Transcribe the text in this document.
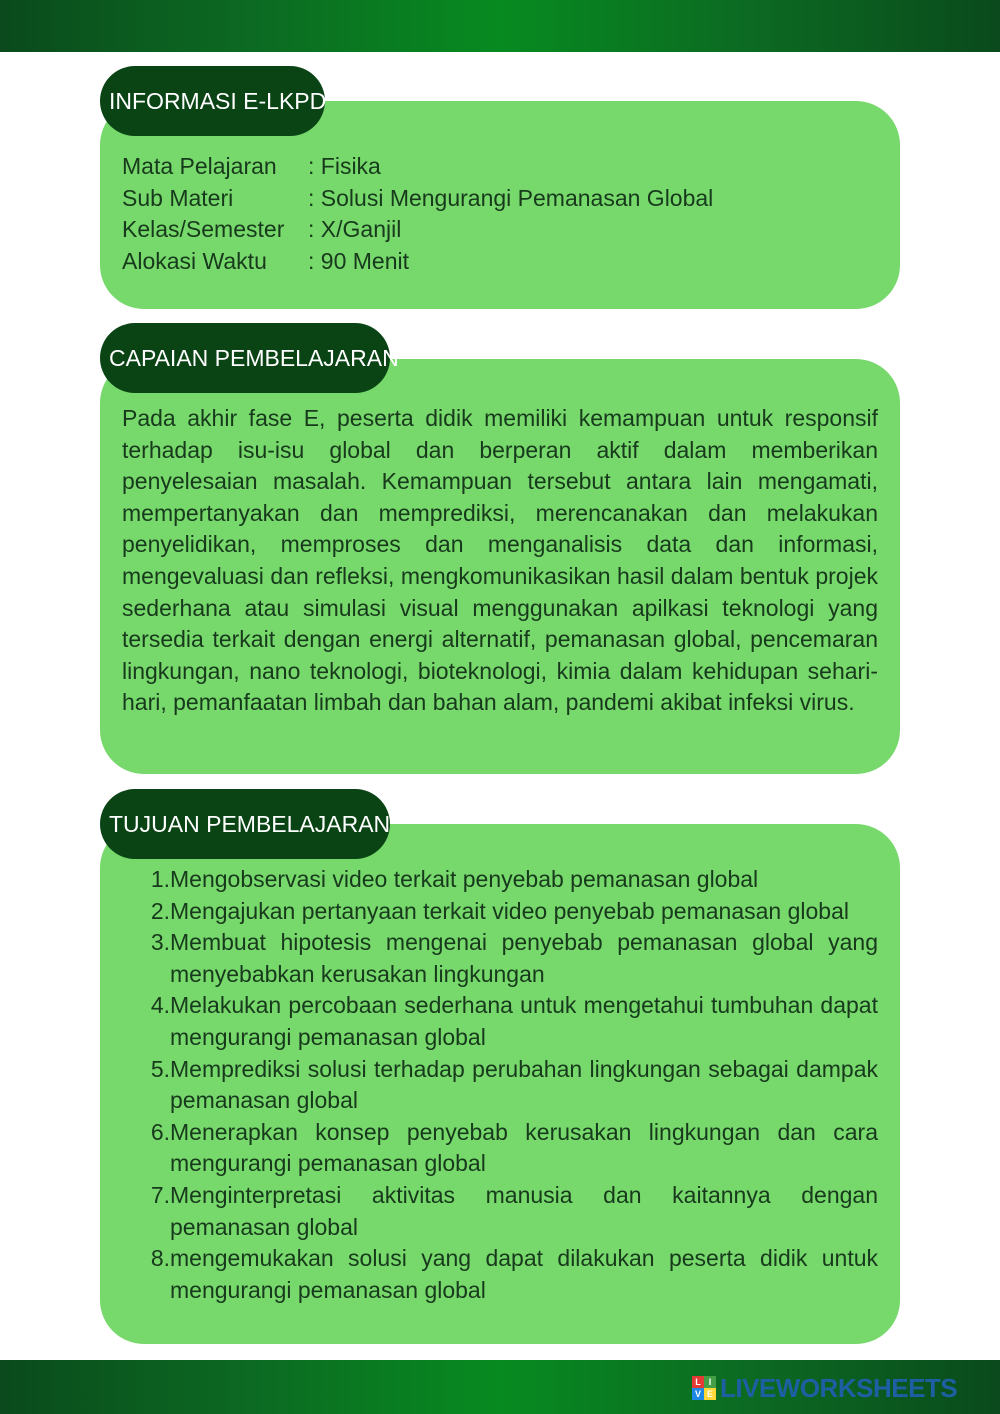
Mata Pelajaran	: Fisika
Sub Materi	: Solusi Mengurangi Pemanasan Global
Kelas/Semester	: X/Ganjil
Alokasi Waktu	: 90 Menit
INFORMASI E-LKPD

Pada akhir fase E, peserta didik memiliki kemampuan untuk responsif terhadap isu-isu global dan berperan aktif dalam memberikan penyelesaian masalah. Kemampuan tersebut antara lain mengamati, mempertanyakan dan memprediksi, merencanakan dan melakukan penyelidikan, memproses dan menganalisis data dan informasi, mengevaluasi dan refleksi, mengkomunikasikan hasil dalam bentuk projek sederhana atau simulasi visual menggunakan apilkasi teknologi yang tersedia terkait dengan energi alternatif, pemanasan global, pencemaran lingkungan, nano teknologi, bioteknologi, kimia dalam kehidupan sehari-hari, pemanfaatan limbah dan bahan alam, pandemi akibat infeksi virus.

CAPAIAN PEMBELAJARAN
1. Mengobservasi video terkait penyebab pemanasan global
2. Mengajukan pertanyaan terkait video penyebab pemanasan global
3. Membuat hipotesis mengenai penyebab pemanasan global yang menyebabkan kerusakan lingkungan
4. Melakukan percobaan sederhana untuk mengetahui tumbuhan dapat mengurangi pemanasan global
5. Memprediksi solusi terhadap perubahan lingkungan sebagai dampak pemanasan global
6. Menerapkan konsep penyebab kerusakan lingkungan dan cara mengurangi pemanasan global
7. Menginterpretasi aktivitas manusia dan kaitannya dengan pemanasan global
8. mengemukakan solusi yang dapat dilakukan peserta didik untuk mengurangi pemanasan global
TUJUAN PEMBELAJARAN
L I
V E LIVEWORKSHEETS
